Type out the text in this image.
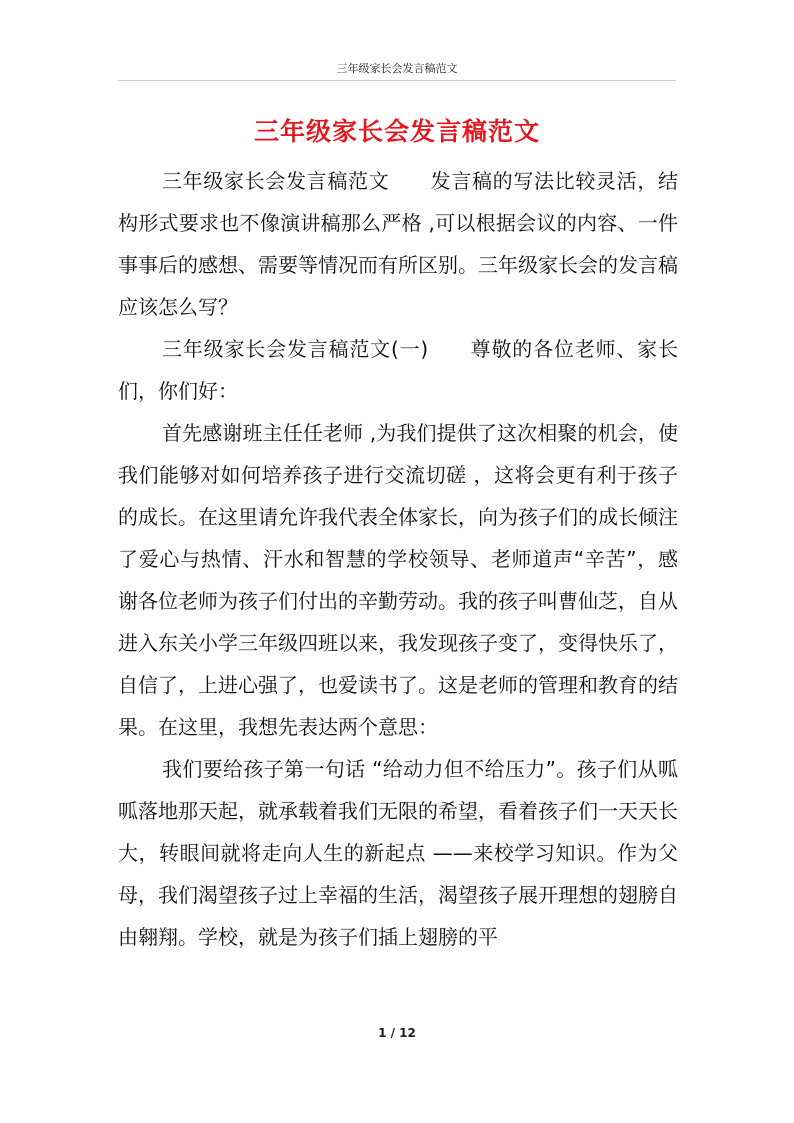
三年级家长会发言稿范文
三年级家长会发言稿范文

三年级家长会发言稿范文　　发言稿的写法比较灵活，结构形式要求也不像演讲稿那么严格 ,可以根据会议的内容、一件事事后的感想、需要等情况而有所区别。三年级家长会的发言稿应该怎么写？

三年级家长会发言稿范文(一)　　尊敬的各位老师、家长们，你们好：

首先感谢班主任任老师 ,为我们提供了这次相聚的机会，使我们能够对如何培养孩子进行交流切磋 ，这将会更有利于孩子的成长。在这里请允许我代表全体家长，向为孩子们的成长倾注了爱心与热情、汗水和智慧的学校领导、老师道声“辛苦”，感谢各位老师为孩子们付出的辛勤劳动。我的孩子叫曹仙芝，自从进入东关小学三年级四班以来，我发现孩子变了，变得快乐了，自信了，上进心强了，也爱读书了。这是老师的管理和教育的结果。在这里，我想先表达两个意思：

我们要给孩子第一句话 “给动力但不给压力”。孩子们从呱呱落地那天起，就承载着我们无限的希望，看着孩子们一天天长大，转眼间就将走向人生的新起点 ——来校学习知识。作为父母，我们渴望孩子过上幸福的生活，渴望孩子展开理想的翅膀自由翱翔。学校，就是为孩子们插上翅膀的平

1 / 12
